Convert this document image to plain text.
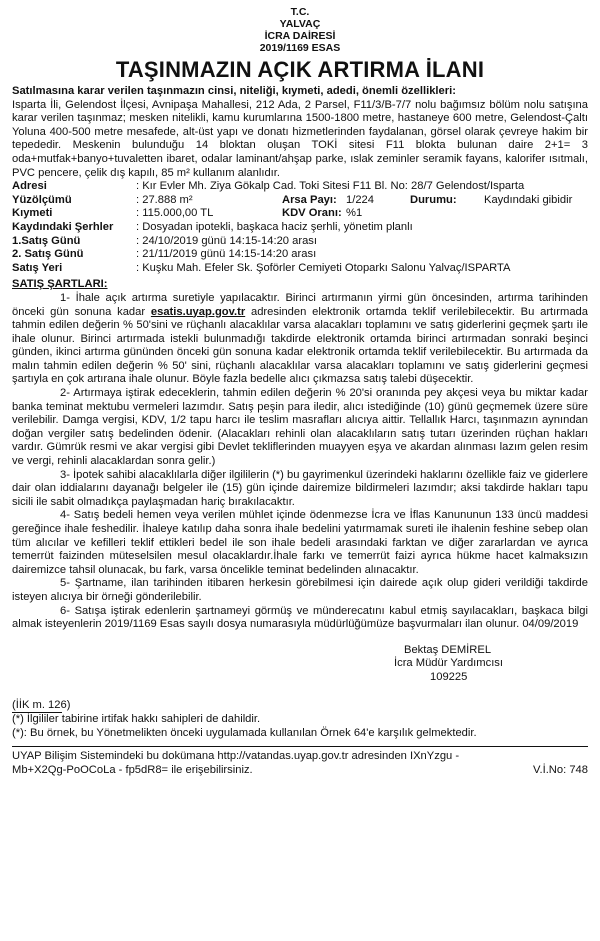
T.C.
YALVAÇ
İCRA DAİRESİ
2019/1169 ESAS
TAŞINMAZIN AÇIK ARTIRMA İLANI
Satılmasına karar verilen taşınmazın cinsi, niteliği, kıymeti, adedi, önemli özellikleri:
Isparta İli, Gelendost İlçesi, Avnipaşa Mahallesi, 212 Ada, 2 Parsel, F11/3/B-7/7 nolu bağımsız bölüm nolu satışına karar verilen taşınmaz; mesken nitelikli, kamu kurumlarına 1500-1800 metre, hastaneye 600 metre, Gelendost-Çaltı Yoluna 400-500 metre mesafede, alt-üst yapı ve donatı hizmetlerinden faydalanan, görsel olarak çevreye hakim bir tepededir. Meskenin bulunduğu 14 bloktan oluşan TOKİ sitesi F11 blokta bulunan daire 2+1= 3 oda+mutfak+banyo+tuvaletten ibaret, odalar laminant/ahşap parke, ıslak zeminler seramik fayans, kalorifer ısıtmalı, PVC pencere, çelik dış kapılı, 85 m² kullanım alanlıdır.
Adresi	: Kır Evler Mh. Ziya Gökalp Cad. Toki Sitesi F11 Bl. No: 28/7 Gelendost/Isparta
Yüzölçümü	: 27.888 m²	Arsa Payı: 1/224	Durumu: Kaydındaki gibidir
Kıymeti	: 115.000,00 TL	KDV Oranı: %1
Kaydındaki Şerhler : Dosyadan ipotekli, başkaca haciz şerhli, yönetim planlı
1.Satış Günü	: 24/10/2019 günü 14:15-14:20 arası
2. Satış Günü	: 21/11/2019 günü 14:15-14:20 arası
Satış Yeri	: Kuşku Mah. Efeler Sk. Şoförler Cemiyeti Otoparkı Salonu Yalvaç/ISPARTA
SATIŞ ŞARTLARI:
1- İhale açık artırma suretiyle yapılacaktır. Birinci artırmanın yirmi gün öncesinden, artırma tarihinden önceki gün sonuna kadar esatis.uyap.gov.tr adresinden elektronik ortamda teklif verilebilecektir. Bu artırmada tahmin edilen değerin % 50'sini ve rüçhanlı alacaklılar varsa alacakları toplamını ve satış giderlerini geçmek şartı ile ihale olunur. Birinci artırmada istekli bulunmadığı takdirde elektronik ortamda birinci artırmadan sonraki beşinci günden, ikinci artırma gününden önceki gün sonuna kadar elektronik ortamda teklif verilebilecektir. Bu artırmada da malın tahmin edilen değerin % 50' sini, rüçhanlı alacaklılar varsa alacakları toplamını ve satış giderlerini geçmesi şartıyla en çok artırana ihale olunur. Böyle fazla bedelle alıcı çıkmazsa satış talebi düşecektir.
2- Artırmaya iştirak edeceklerin, tahmin edilen değerin % 20'si oranında pey akçesi veya bu miktar kadar banka teminat mektubu vermeleri lazımdır. Satış peşin para iledir, alıcı istediğinde (10) günü geçmemek üzere süre verilebilir. Damga vergisi, KDV, 1/2 tapu harcı ile teslim masrafları alıcıya aittir. Tellallık Harcı, taşınmazın aynından doğan vergiler satış bedelinden ödenir. (Alacakları rehinli olan alacaklıların satış tutarı üzerinden rüçhan hakları vardır. Gümrük resmi ve akar vergisi gibi Devlet tekliflerinden muayyen eşya ve akardan alınması lazım gelen resim ve vergi, rehinli alacaklardan sonra gelir.)
3- İpotek sahibi alacaklılarla diğer ilgililerin (*) bu gayrimenkul üzerindeki haklarını özellikle faiz ve giderlere dair olan iddialarını dayanağı belgeler ile (15) gün içinde dairemize bildirmeleri lazımdır; aksi takdirde hakları tapu sicili ile sabit olmadıkça paylaşmadan hariç bırakılacaktır.
4- Satış bedeli hemen veya verilen mühlet içinde ödenmezse İcra ve İflas Kanununun 133 üncü maddesi gereğince ihale feshedilir. İhaleye katılıp daha sonra ihale bedelini yatırmamak sureti ile ihalenin feshine sebep olan tüm alıcılar ve kefilleri teklif ettikleri bedel ile son ihale bedeli arasındaki farktan ve diğer zararlardan ve ayrıca temerrüt faizinden müteselsilen mesul olacaklardır.İhale farkı ve temerrüt faizi ayrıca hükme hacet kalmaksızın dairemizce tahsil olunacak, bu fark, varsa öncelikle teminat bedelinden alınacaktır.
5- Şartname, ilan tarihinden itibaren herkesin görebilmesi için dairede açık olup gideri verildiği takdirde isteyen alıcıya bir örneği gönderilebilir.
6- Satışa iştirak edenlerin şartnameyi görmüş ve münderecatını kabul etmiş sayılacakları, başkaca bilgi almak isteyenlerin 2019/1169 Esas sayılı dosya numarasıyla müdürlüğümüze başvurmaları ilan olunur. 04/09/2019
Bektaş DEMİREL
İcra Müdür Yardımcısı
109225
(İİK m. 126)
(*) İlgililer tabirine irtifak hakkı sahipleri de dahildir.
(*): Bu örnek, bu Yönetmelikten önceki uygulamada kullanılan Örnek 64'e karşılık gelmektedir.
UYAP Bilişim Sistemindeki bu dokümana http://vatandas.uyap.gov.tr adresinden IXnYzgu - Mb+X2Qg-PoOCoLa - fp5dR8= ile erişebilirsiniz.	V.İ.No: 748
